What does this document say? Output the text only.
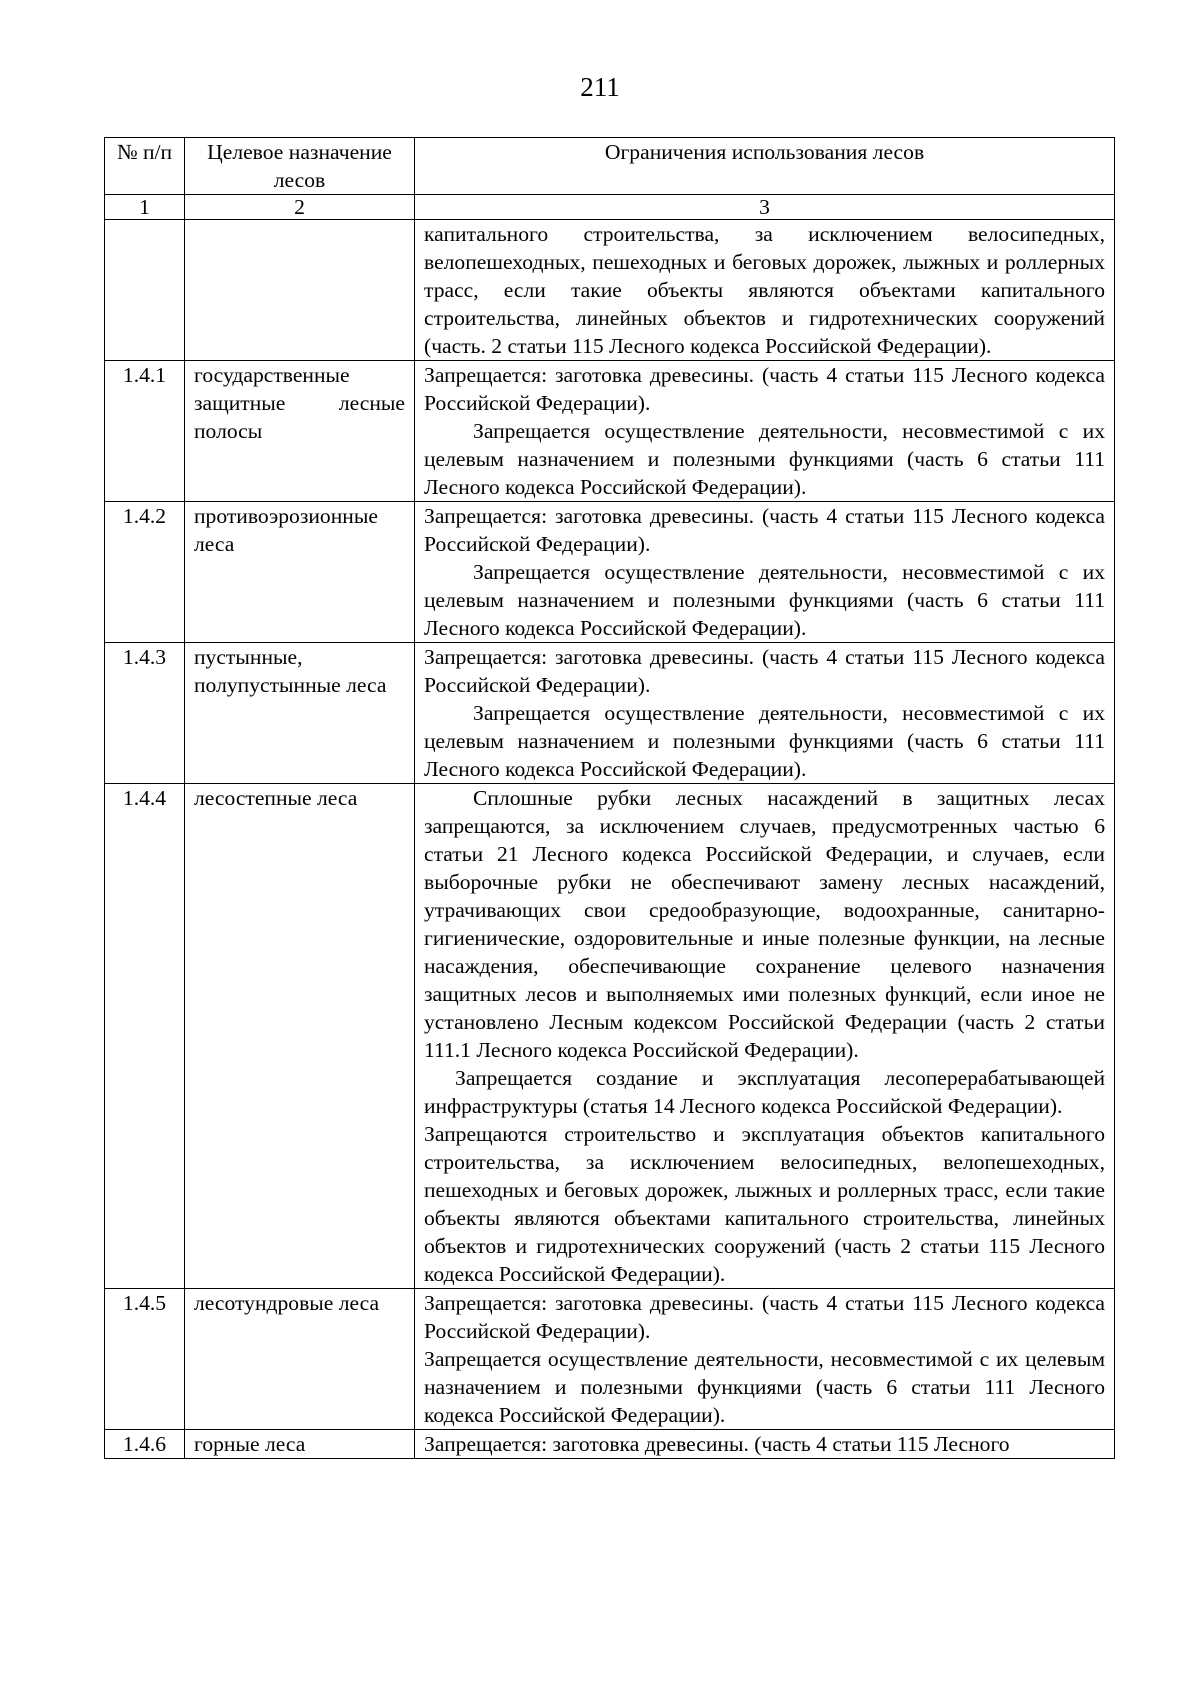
211
№ п/п	Целевое назначение лесов	Ограничения использования лесов
1	2	3

		капитального строительства, за исключением велосипедных, велопешеходных, пешеходных и беговых дорожек, лыжных и роллерных трасс, если такие объекты являются объектами капитального строительства, линейных объектов и гидротехнических сооружений (часть. 2 статьи 115 Лесного кодекса Российской Федерации).

1.4.1	государственные защитные лесные полосы	Запрещается: заготовка древесины. (часть 4 статьи 115 Лесного кодекса Российской Федерации).

Запрещается осуществление деятельности, несовместимой с их целевым назначением и полезными функциями (часть 6 статьи 111 Лесного кодекса Российской Федерации).

1.4.2	противоэрозионные леса	Запрещается: заготовка древесины. (часть 4 статьи 115 Лесного кодекса Российской Федерации).

Запрещается осуществление деятельности, несовместимой с их целевым назначением и полезными функциями (часть 6 статьи 111 Лесного кодекса Российской Федерации).

1.4.3	пустынные, полупустынные леса	Запрещается: заготовка древесины. (часть 4 статьи 115 Лесного кодекса Российской Федерации).

Запрещается осуществление деятельности, несовместимой с их целевым назначением и полезными функциями (часть 6 статьи 111 Лесного кодекса Российской Федерации).

1.4.4	лесостепные леса	Сплошные рубки лесных насаждений в защитных лесах запрещаются, за исключением случаев, предусмотренных частью 6 статьи 21 Лесного кодекса Российской Федерации, и случаев, если выборочные рубки не обеспечивают замену лесных насаждений, утрачивающих свои средообразующие, водоохранные, санитарно-гигиенические, оздоровительные и иные полезные функции, на лесные насаждения, обеспечивающие сохранение целевого назначения защитных лесов и выполняемых ими полезных функций, если иное не установлено Лесным кодексом Российской Федерации (часть 2 статьи 111.1 Лесного кодекса Российской Федерации).

Запрещается создание и эксплуатация лесоперерабатывающей инфраструктуры (статья 14 Лесного кодекса Российской Федерации).

Запрещаются строительство и эксплуатация объектов капитального строительства, за исключением велосипедных, велопешеходных, пешеходных и беговых дорожек, лыжных и роллерных трасс, если такие объекты являются объектами капитального строительства, линейных объектов и гидротехнических сооружений (часть 2 статьи 115 Лесного кодекса Российской Федерации).

1.4.5	лесотундровые леса	Запрещается: заготовка древесины. (часть 4 статьи 115 Лесного кодекса Российской Федерации).

Запрещается осуществление деятельности, несовместимой с их целевым назначением и полезными функциями (часть 6 статьи 111 Лесного кодекса Российской Федерации).

1.4.6	горные леса	Запрещается: заготовка древесины. (часть 4 статьи 115 Лесного
